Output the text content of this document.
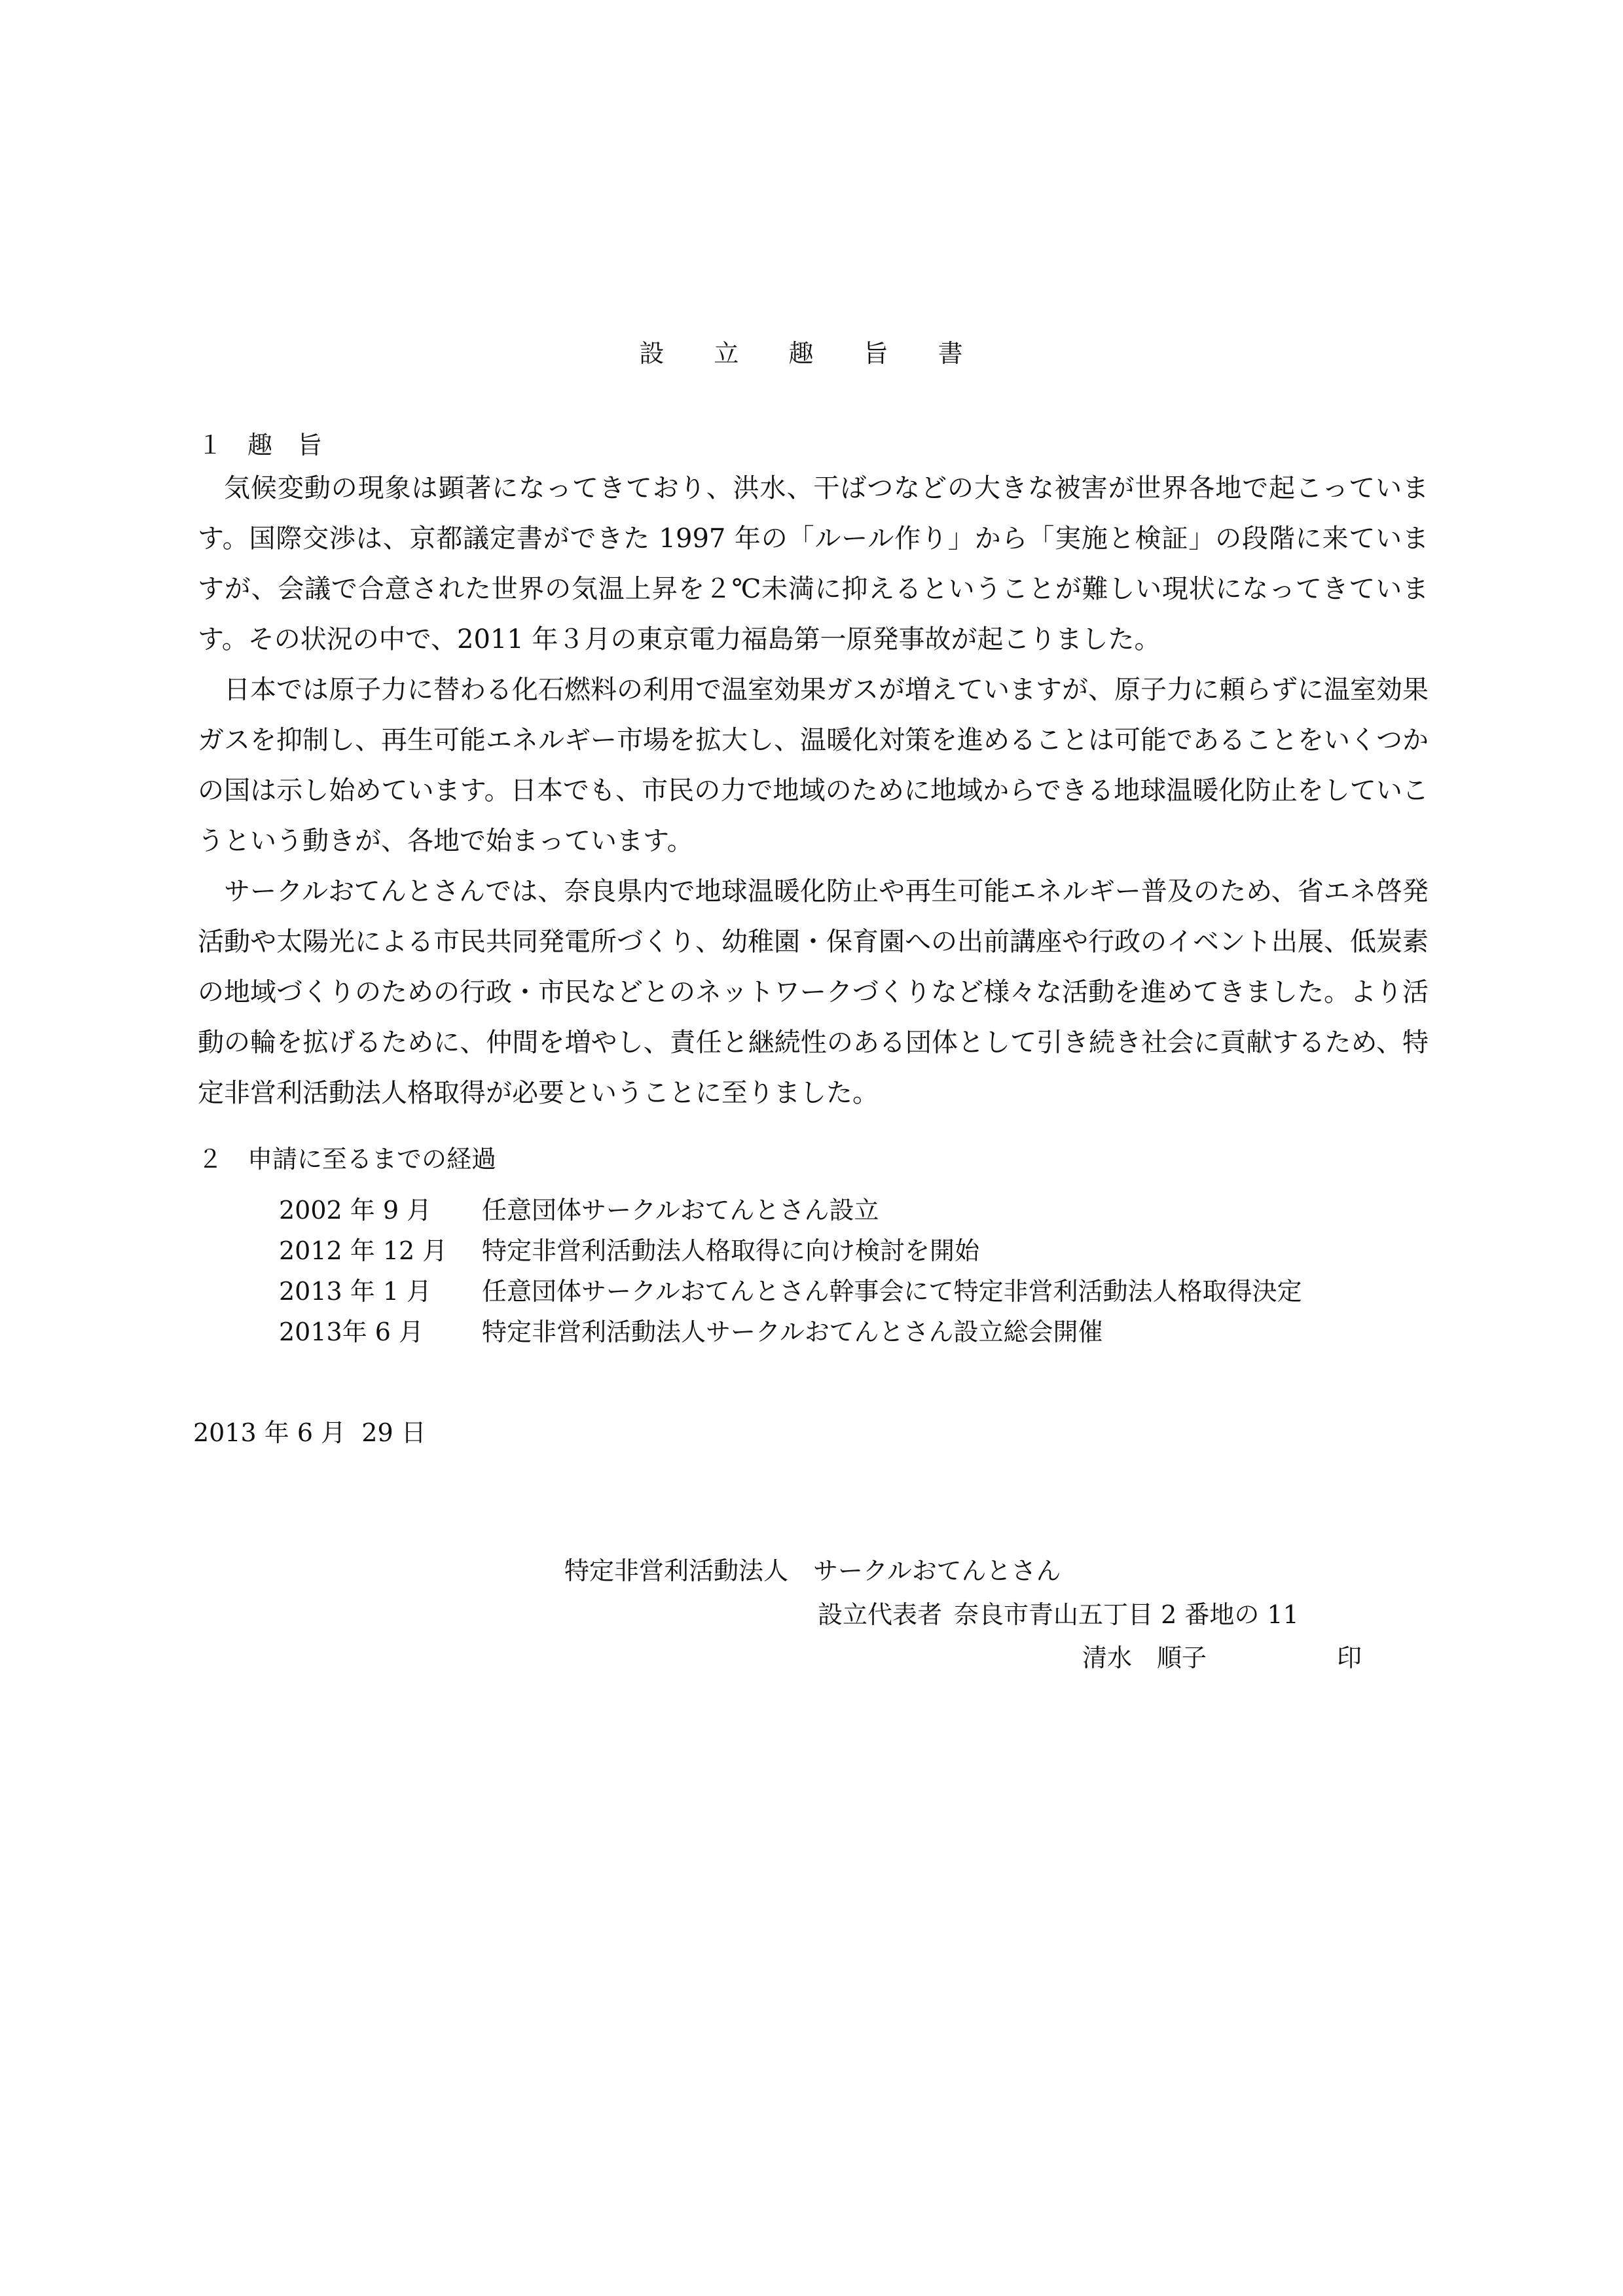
設 立 趣 旨 書
１　趣　旨

気候変動の現象は顕著になってきており、洪水、干ばつなどの大きな被害が世界各地で起こっています。国際交渉は、京都議定書ができた 1997 年の「ルール作り」から「実施と検証」の段階に来ていますが、会議で合意された世界の気温上昇を２℃未満に抑えるということが難しい現状になってきています。その状況の中で、2011 年３月の東京電力福島第一原発事故が起こりました。

日本では原子力に替わる化石燃料の利用で温室効果ガスが増えていますが、原子力に頼らずに温室効果ガスを抑制し、再生可能エネルギー市場を拡大し、温暖化対策を進めることは可能であることをいくつかの国は示し始めています。日本でも、市民の力で地域のために地域からできる地球温暖化防止をしていこうという動きが、各地で始まっています。

サークルおてんとさんでは、奈良県内で地球温暖化防止や再生可能エネルギー普及のため、省エネ啓発活動や太陽光による市民共同発電所づくり、幼稚園・保育園への出前講座や行政のイベント出展、低炭素の地域づくりのための行政・市民などとのネットワークづくりなど様々な活動を進めてきました。より活動の輪を拡げるために、仲間を増やし、責任と継続性のある団体として引き続き社会に貢献するため、特定非営利活動法人格取得が必要ということに至りました。

２　申請に至るまでの経過
2002 年 9 月	任意団体サークルおてんとさん設立
2012 年 12 月	特定非営利活動法人格取得に向け検討を開始
2013 年 1 月	任意団体サークルおてんとさん幹事会にて特定非営利活動法人格取得決定
2013年 6 月	特定非営利活動法人サークルおてんとさん設立総会開催
2013 年 6 月  29 日
特定非営利活動法人　サークルおてんとさん
設立代表者 奈良市青山五丁目 2 番地の 11
清水　順子	印
